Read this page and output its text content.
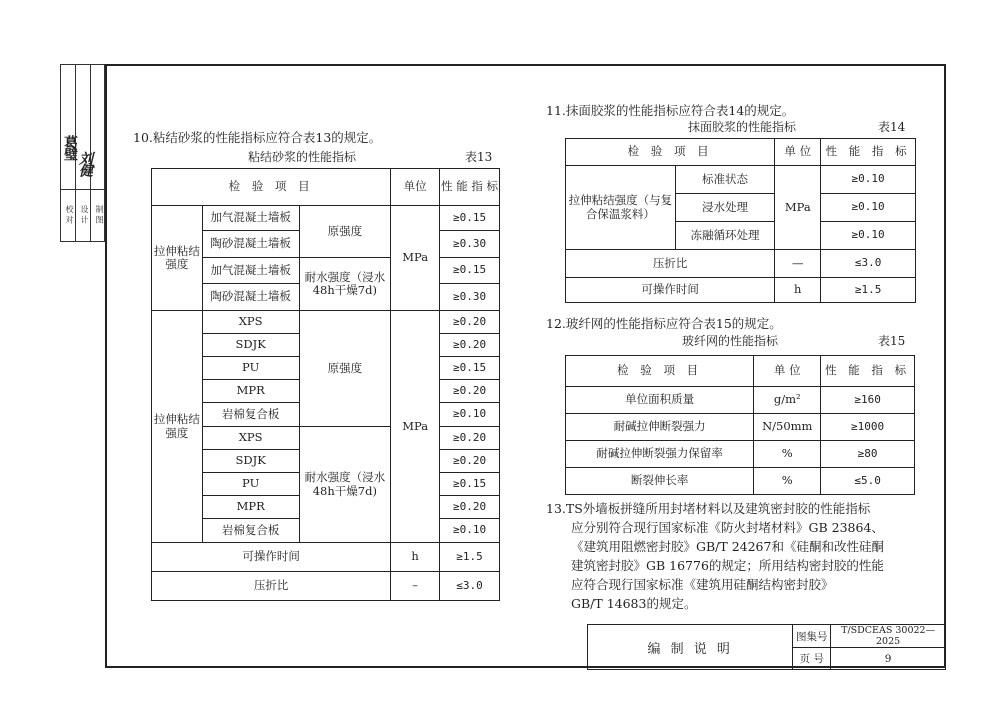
校 对 设 计 制 图
葛璧
刘健
10.粘结砂浆的性能指标应符合表13的规定。
粘结砂浆的性能指标	表13
检 验 项 目			单位	性 能 指 标
拉伸粘结强度	加气混凝土墙板	原强度	MPa	≥0.15
	陶砂混凝土墙板			≥0.30
	加气混凝土墙板	耐水强度（浸水48h干燥7d)		≥0.15
	陶砂混凝土墙板			≥0.30
拉伸粘结强度	XPS	原强度	MPa	≥0.20
	SDJK			≥0.20
	PU			≥0.15
	MPR			≥0.20
	岩棉复合板			≥0.10
	XPS	耐水强度（浸水48h干燥7d)		≥0.20
	SDJK			≥0.20
	PU			≥0.15
	MPR			≥0.20
	岩棉复合板			≥0.10
可操作时间			h	≥1.5
压折比			–	≤3.0
11.抹面胶浆的性能指标应符合表14的规定。
抹面胶浆的性能指标	表14
检 验 项 目		单 位	性 能 指 标
拉伸粘结强度（与复合保温浆料）	标准状态	MPa	≥0.10
	浸水处理		≥0.10
	冻融循环处理		≥0.10
压折比		—	≤3.0
可操作时间		h	≥1.5
12.玻纤网的性能指标应符合表15的规定。
玻纤网的性能指标	表15
检 验 项 目	单 位	性 能 指 标
单位面积质量	g/m²	≥160
耐碱拉伸断裂强力	N/50mm	≥1000
耐碱拉伸断裂强力保留率	%	≥80
断裂伸长率	%	≤5.0
13.TS外墙板拼缝所用封堵材料以及建筑密封胶的性能指标
应分别符合现行国家标准《防火封堵材料》GB 23864、
《建筑用阻燃密封胶》GB/T 24267和《硅酮和改性硅酮
建筑密封胶》GB 16776的规定；所用结构密封胶的性能
应符合现行国家标准《建筑用硅酮结构密封胶》
GB/T 14683的规定。
编 制 说 明	图集号	T/SDCEAS 30022—2025
	页 号	9
